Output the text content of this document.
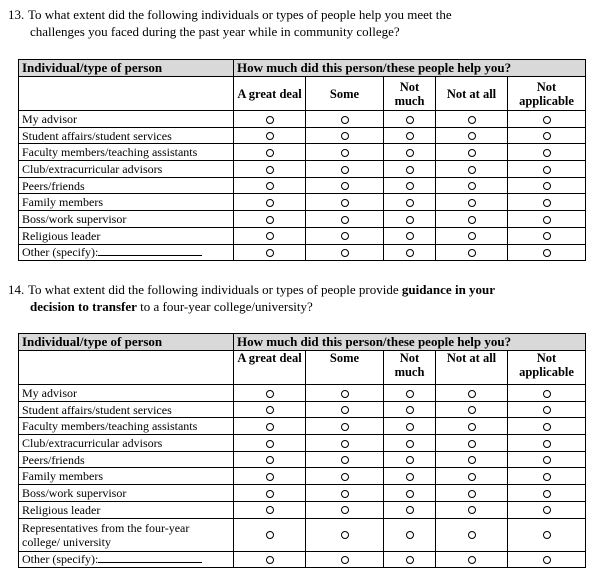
13. To what extent did the following individuals or types of people help you meet the
challenges you faced during the past year while in community college?
Individual/type of person	How much did this person/these people help you?				
	A great deal	Some	Not much	Not at all	Not applicable
My advisor					
Student affairs/student services					
Faculty members/teaching assistants					
Club/extracurricular advisors					
Peers/friends					
Family members					
Boss/work supervisor					
Religious leader					
Other (specify):					
14. To what extent did the following individuals or types of people provide guidance in your
decision to transfer to a four-year college/university?
Individual/type of person	How much did this person/these people help you?				
	A great deal	Some	Not much	Not at all	Not applicable
My advisor					
Student affairs/student services					
Faculty members/teaching assistants					
Club/extracurricular advisors					
Peers/friends					
Family members					
Boss/work supervisor					
Religious leader					
Representatives from the four-year college/ university					
Other (specify):					
